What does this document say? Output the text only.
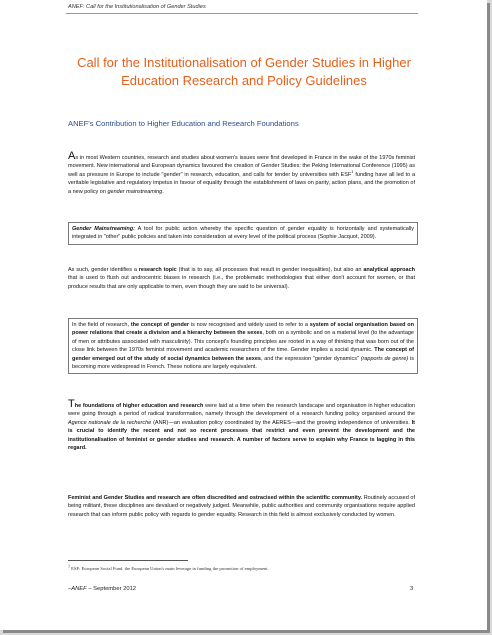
ANEF: Call for the Institutionalisation of Gender Studies
Call for the Institutionalisation of Gender Studies in Higher
Education Research and Policy Guidelines
ANEF's Contribution to Higher Education and Research Foundations

As in most Western countries, research and studies about women's issues were first developed in France in the wake of the 1970s feminist movement. New international and European dynamics favoured the creation of Gender Studies: the Peking International Conference (1995) as well as pressure in Europe to include "gender" in research, education, and calls for tender by universities with ESF$^1$ funding have all led to a veritable legislative and regulatory impetus in favour of equality through the establishment of laws on parity, action plans, and the promotion of a new policy on gender mainstreaming.

Gender Mainstreaming: A tool for public action whereby the specific question of gender equality is horizontally and systematically integrated in "other" public policies and taken into consideration at every level of the political process (Sophie Jacquot, 2009).

As such, gender identifies a research topic (that is to say, all processes that result in gender inequalities), but also an analytical approach that is used to flush out androcentric biases in research (i.e., the problematic methodologies that either don't account for women, or that produce results that are only applicable to men, even though they are said to be universal).

In the field of research, the concept of gender is now recognised and widely used to refer to a system of social organisation based on power relations that create a division and a hierarchy between the sexes, both on a symbolic and on a material level (to the advantage of men or attributes associated with masculinity). This concept's founding principles are rooted in a way of thinking that was born out of the close link between the 1970s feminist movement and academic researchers of the time. Gender implies a social dynamic. The concept of gender emerged out of the study of social dynamics between the sexes, and the expression "gender dynamics" (rapports de genre) is becoming more widespread in French. These notions are largely equivalent.

The foundations of higher education and research were laid at a time when the research landscape and organisation in higher education were going through a period of radical transformation, namely through the development of a research funding policy organised around the Agence nationale de la recherche (ANR)—an evaluation policy coordinated by the AERES—and the growing independence of universities. It is crucial to identify the recent and not so recent processes that restrict and even prevent the development and the institutionalisation of feminist or gender studies and research. A number of factors serve to explain why France is lagging in this regard.

Feminist and Gender Studies and research are often discredited and ostracised within the scientific community. Routinely accused of being militant, these disciplines are devalued or negatively judged. Meanwhile, public authorities and community organisations require applied research that can inform public policy with regards to gender equality. Research in this field is almost exclusively conducted by women.

$^1$ ESF: European Social Fund, the European Union's main leverage in funding the promotion of employment.
–ANEF – September 2012	3
